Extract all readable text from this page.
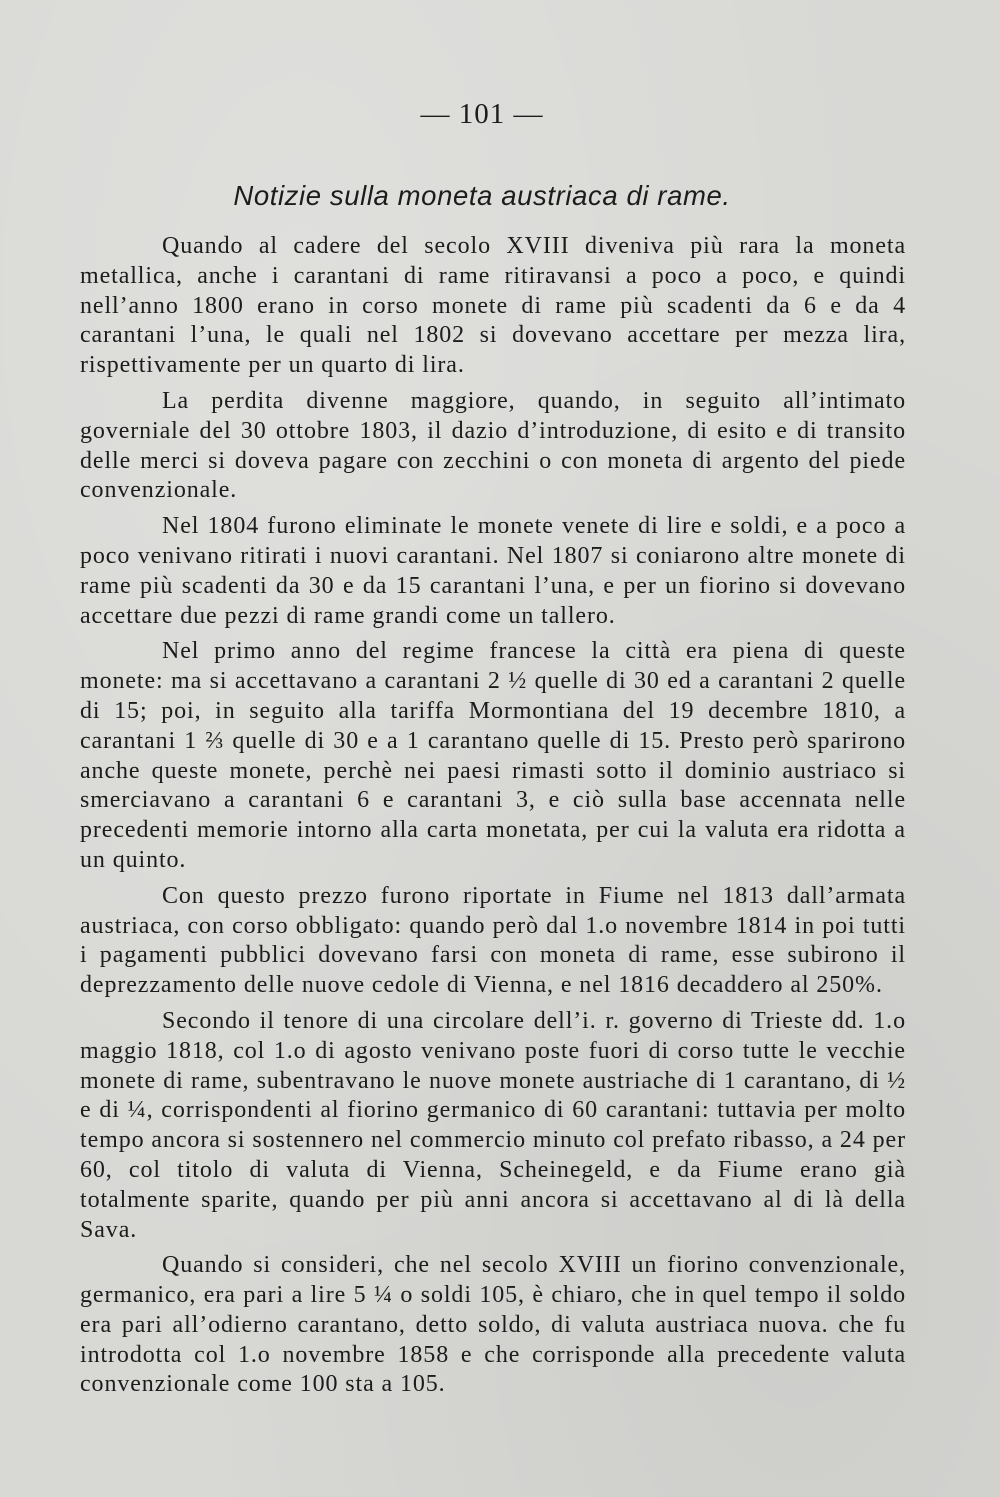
— 101 —
Notizie sulla moneta austriaca di rame.

Quando al cadere del secolo XVIII diveniva più rara la moneta metallica, anche i carantani di rame ritiravansi a poco a poco, e quindi nell’anno 1800 erano in corso monete di rame più scadenti da 6 e da 4 carantani l’una, le quali nel 1802 si dovevano accettare per mezza lira, rispettivamente per un quarto di lira.

La perdita divenne maggiore, quando, in seguito all’intimato governiale del 30 ottobre 1803, il dazio d’introduzione, di esito e di transito delle merci si doveva pagare con zecchini o con moneta di argento del piede convenzionale.

Nel 1804 furono eliminate le monete venete di lire e soldi, e a poco a poco venivano ritirati i nuovi carantani. Nel 1807 si coniarono altre monete di rame più scadenti da 30 e da 15 carantani l’una, e per un fiorino si dovevano accettare due pezzi di rame grandi come un tallero.

Nel primo anno del regime francese la città era piena di queste monete: ma si accettavano a carantani 2 ½ quelle di 30 ed a carantani 2 quelle di 15; poi, in seguito alla tariffa Mormontiana del 19 decembre 1810, a carantani 1 ⅔ quelle di 30 e a 1 carantano quelle di 15. Presto però sparirono anche queste monete, perchè nei paesi rimasti sotto il dominio austriaco si smerciavano a carantani 6 e carantani 3, e ciò sulla base accennata nelle precedenti memorie intorno alla carta monetata, per cui la valuta era ridotta a un quinto.

Con questo prezzo furono riportate in Fiume nel 1813 dall’armata austriaca, con corso obbligato: quando però dal 1.o novembre 1814 in poi tutti i pagamenti pubblici dovevano farsi con moneta di rame, esse subirono il deprezzamento delle nuove cedole di Vienna, e nel 1816 decaddero al 250%.

Secondo il tenore di una circolare dell’i. r. governo di Trieste dd. 1.o maggio 1818, col 1.o di agosto venivano poste fuori di corso tutte le vecchie monete di rame, subentravano le nuove monete austriache di 1 carantano, di ½ e di ¼, corrispondenti al fiorino germanico di 60 carantani: tuttavia per molto tempo ancora si sostennero nel commercio minuto col prefato ribasso, a 24 per 60, col titolo di valuta di Vienna, Scheinegeld, e da Fiume erano già totalmente sparite, quando per più anni ancora si accettavano al di là della Sava.

Quando si consideri, che nel secolo XVIII un fiorino convenzionale, germanico, era pari a lire 5 ¼ o soldi 105, è chiaro, che in quel tempo il soldo era pari all’odierno carantano, detto soldo, di valuta austriaca nuova. che fu introdotta col 1.o novembre 1858 e che corrisponde alla precedente valuta convenzionale come 100 sta a 105.
